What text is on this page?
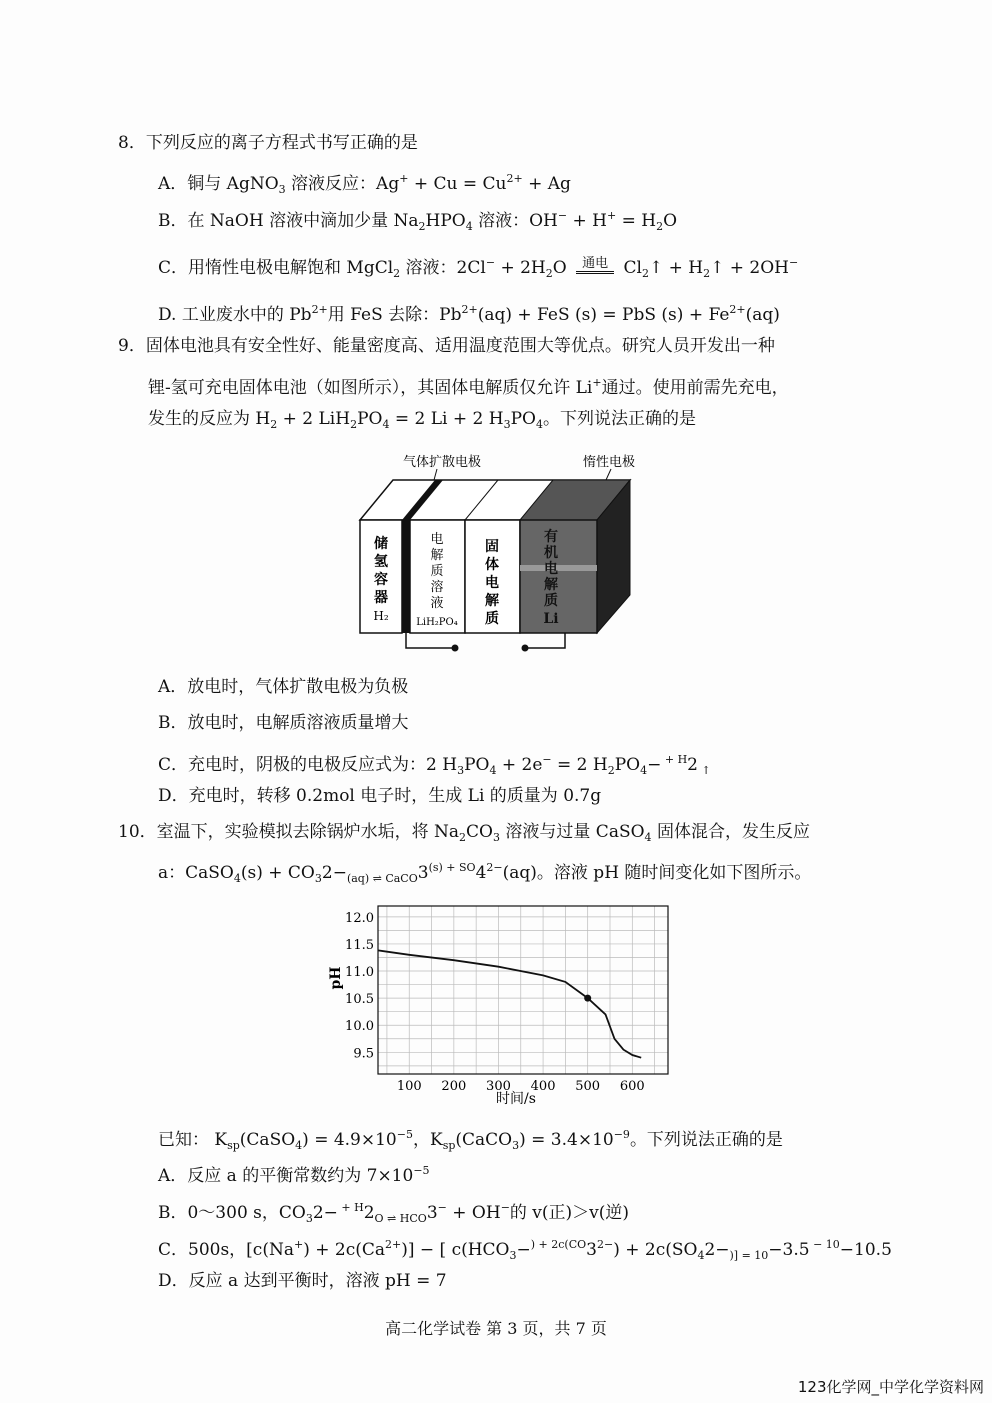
8．下列反应的离子方程式书写正确的是
A．铜与 AgNO$_3$ 溶液反应：$Ag^+ + Cu = Cu^{2+} + Ag$
B．在 NaOH 溶液中滴加少量 $Na_2HPO_4$ 溶液：$OH^- + H^+ = H_2O$
C．用惰性电极电解饱和 MgCl$_2$ 溶液：$2Cl^- + 2H_2O$ 通电 $Cl_2↑$ + $H_2↑ + 2OH^-$
D. 工业废水中的 $Pb^{2+}$用 FeS 去除：$Pb^{2+}(aq)$ + FeS (s) = PbS $(s) + Fe^{2+}(aq)$
9．固体电池具有安全性好、能量密度高、适用温度范围大等优点。研究人员开发出一种
锂-氢可充电固体电池（如图所示），其固体电解质仅允许 Li+通过。使用前需先充电，
发生的反应为 $H_2 + 2$ $LiH_2PO_4 = 2$ Li + 2 $H_3PO_4$。下列说法正确的是
气体扩散电极	惰性电极
储
氢
容
器
H₂
电
解
质
溶
液
LiH₂PO₄
固
体
电
解
质
有
机
电
解
质
Li
A．放电时，气体扩散电极为负极
B．放电时，电解质溶液质量增大
C．充电时，阴极的电极反应式为：2 $H_3PO_4 + 2e^- = 2$ $H_2PO_4- ^{+ H}2$ $_↑$
D．充电时，转移 0.2mol 电子时，生成 Li 的质量为 0.7g
10．室温下，实验模拟去除锅炉水垢，将 $Na_2CO_3$ 溶液与过量 CaSO$_4$ 固体混合，发生反应
a：CaSO$_4$(s) + $CO_32-_{(aq) \rightleftharpoons CaCO}3^{(s) + SO}4^{2-}(aq)$。溶液 pH 随时间变化如下图所示。
100 200 300 400 500 600
9.5
10.0
10.5
11.0
11.5
12.0
pH
时间/s
已知： $K_{sp}(CaSO_4) = 4.9\times 10^{-5}$，$K_{sp}(CaCO_3) = 3.4\times 10^{-9}$。下列说法正确的是
A．反应 a 的平衡常数约为 $7\times 10^{-5}$
B．0～300 s，$CO_32- ^{+ H}2_{O \rightleftharpoons HCO}3^- + OH^-$的 v(正)＞v(逆)
C．500s，$[c(Na^+) + 2c(Ca^{2+})]$ − [ $c(HCO_3-^{) + 2c(CO}3^{2-}) + 2c(SO_42-_{)] = 10}-3.5$ $^{- 10}$−10.5
D．反应 a 达到平衡时，溶液 pH = 7
高二化学试卷 第 3 页，共 7 页
123化学网_中学化学资料网
